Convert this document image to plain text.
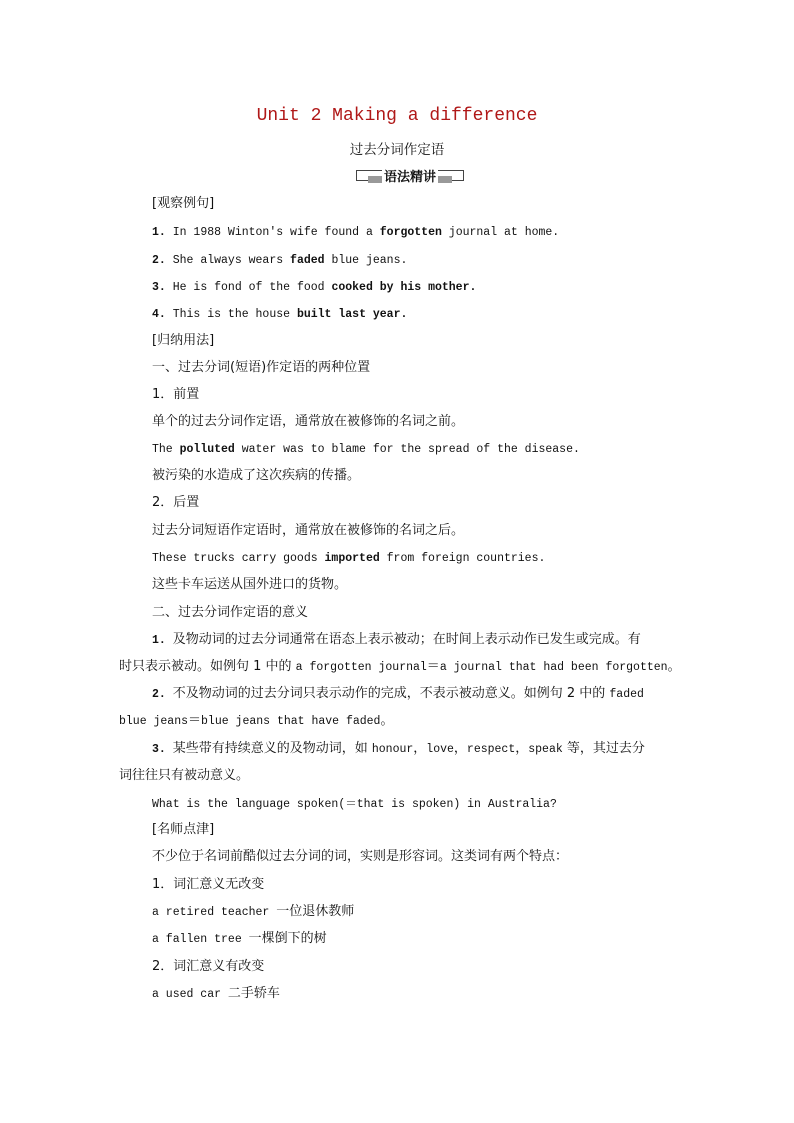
Unit 2 Making a difference
过去分词作定语
语法精讲
[观察例句]
1. In 1988 Winton's wife found a forgotten journal at home.
2. She always wears faded blue jeans.
3. He is fond of the food cooked by his mother.
4. This is the house built last year.
[归纳用法]
一、过去分词(短语)作定语的两种位置
1．前置
单个的过去分词作定语，通常放在被修饰的名词之前。
The polluted water was to blame for the spread of the disease.
被污染的水造成了这次疾病的传播。
2．后置
过去分词短语作定语时，通常放在被修饰的名词之后。
These trucks carry goods imported from foreign countries.
这些卡车运送从国外进口的货物。
二、过去分词作定语的意义
1. 及物动词的过去分词通常在语态上表示被动；在时间上表示动作已发生或完成。有
时只表示被动。如例句 1 中的 a forgotten journal＝a journal that had been forgotten。
2. 不及物动词的过去分词只表示动作的完成，不表示被动意义。如例句 2 中的 faded
blue jeans＝blue jeans that have faded。
3. 某些带有持续意义的及物动词，如 honour，love，respect，speak 等，其过去分
词往往只有被动意义。
What is the language spoken(＝that is spoken) in Australia?
[名师点津]
不少位于名词前酷似过去分词的词，实则是形容词。这类词有两个特点：
1．词汇意义无改变
a retired teacher 一位退休教师
a fallen tree 一棵倒下的树
2．词汇意义有改变
a used car 二手轿车
